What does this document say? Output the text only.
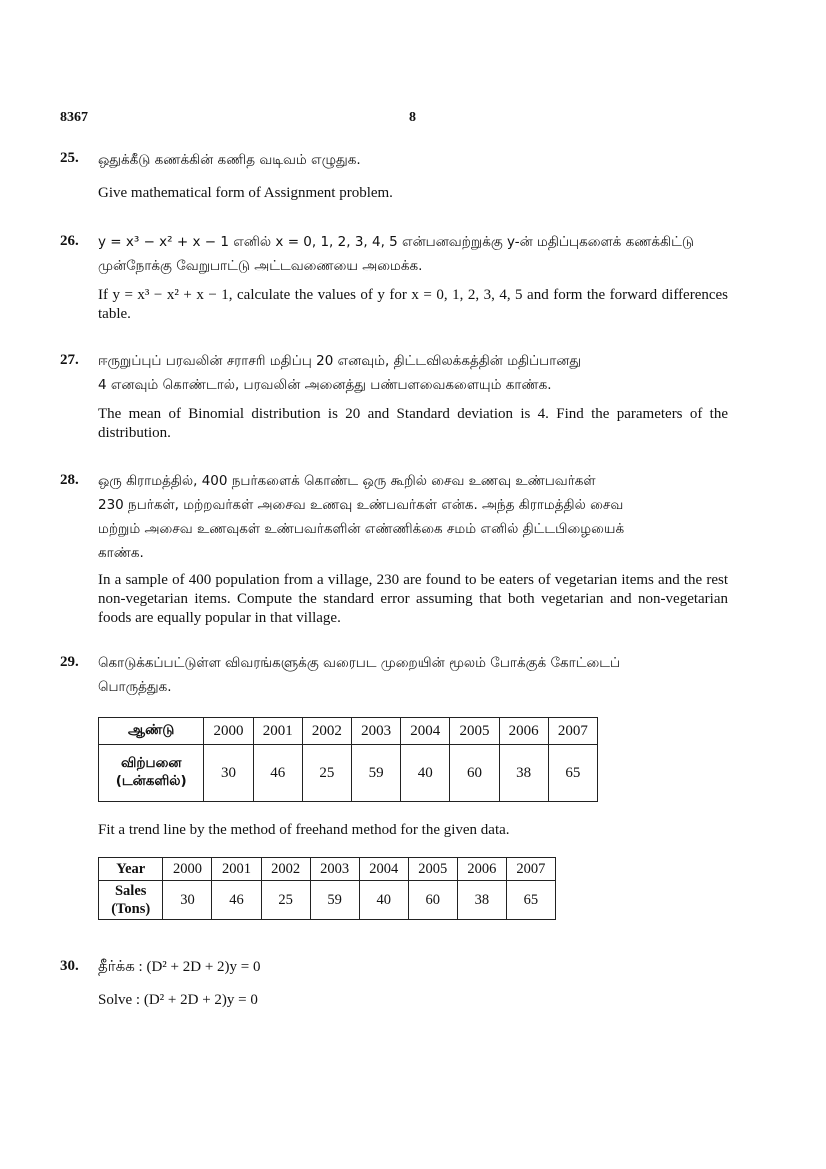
8367	8
25. ஒதுக்கீடு கணக்கின் கணித வடிவம் எழுதுக.

Give mathematical form of Assignment problem.

26. y = x³ − x² + x − 1 எனில் x = 0, 1, 2, 3, 4, 5 என்பனவற்றுக்கு y-ன் மதிப்புகளைக் கணக்கிட்டு

முன்நோக்கு வேறுபாட்டு அட்டவணையை அமைக்க.

If y = x³ − x² + x − 1, calculate the values of y for x = 0, 1, 2, 3, 4, 5 and form the forward differences table.

27. ஈருறுப்புப் பரவலின் சராசரி மதிப்பு 20 எனவும், திட்டவிலக்கத்தின் மதிப்பானது

4 எனவும் கொண்டால், பரவலின் அனைத்து பண்பளவைகளையும் காண்க.

The mean of Binomial distribution is 20 and Standard deviation is 4. Find the parameters of the distribution.

28. ஒரு கிராமத்தில், 400 நபர்களைக் கொண்ட ஒரு கூறில் சைவ உணவு உண்பவர்கள்

230 நபர்கள், மற்றவர்கள் அசைவ உணவு உண்பவர்கள் என்க. அந்த கிராமத்தில் சைவ

மற்றும் அசைவ உணவுகள் உண்பவர்களின் எண்ணிக்கை சமம் எனில் திட்டபிழையைக்

காண்க.

In a sample of 400 population from a village, 230 are found to be eaters of vegetarian items and the rest non-vegetarian items. Compute the standard error assuming that both vegetarian and non-vegetarian foods are equally popular in that village.

29. கொடுக்கப்பட்டுள்ள விவரங்களுக்கு வரைபட முறையின் மூலம் போக்குக் கோட்டைப்

பொருத்துக.

ஆண்டு	2000	2001	2002	2003	2004	2005	2006	2007

விற்பனை
(டன்களில்)	30	46	25	59	40	60	38	65
Fit a trend line by the method of freehand method for the given data.
Year	2000	2001	2002	2003	2004	2005	2006	2007

Sales
(Tons)	30	46	25	59	40	60	38	65
30. தீர்க்க : (D² + 2D + 2)y = 0

Solve : (D² + 2D + 2)y = 0
